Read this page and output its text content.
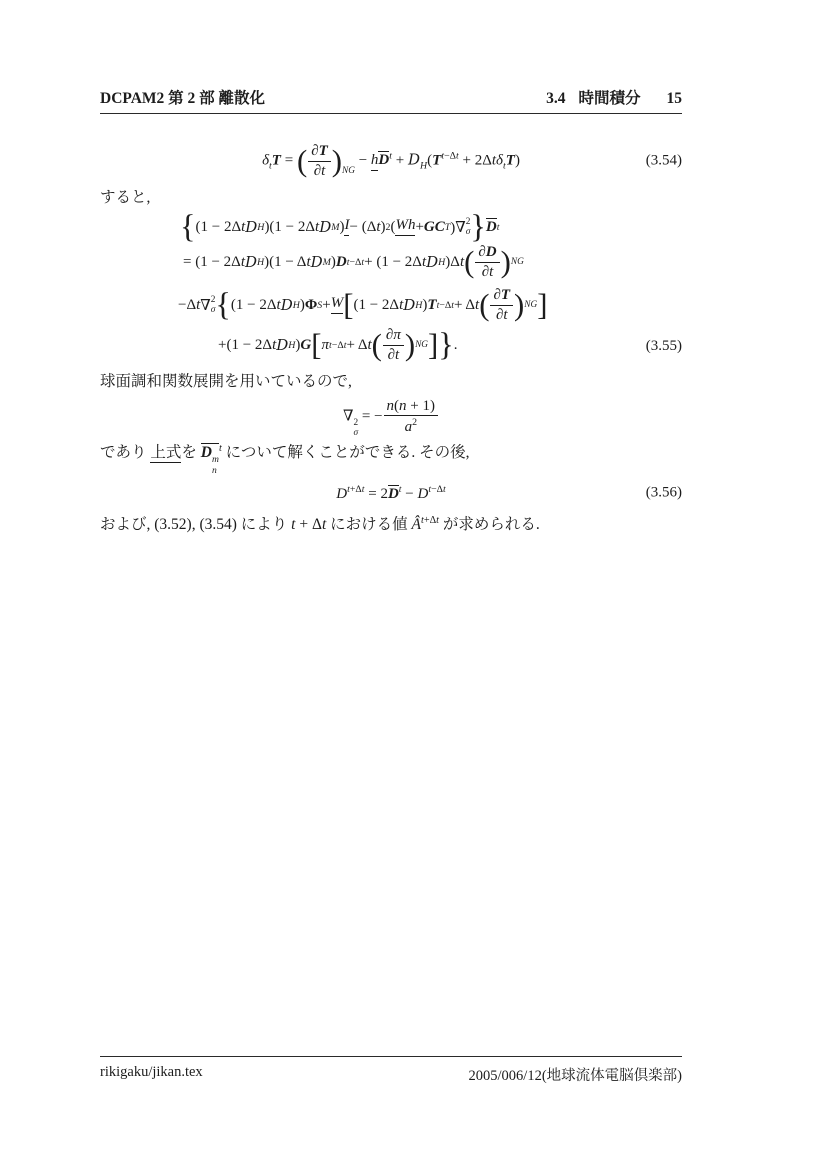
DCPAM2 第 2 部 離散化	3.4 時間積分 15
$\delta_tT$ = ( $\frac{\partial T}{\partial t} )_{NG} - hD^t + D_H(T^{t-\Delta t} + 2\Delta t\delta_tT)$	(3.54)

すると,

{ (1 − 2Δ t D H )(1 − 2Δ t D M ) I − (Δ t ) 2 ( W h + GC T )∇ 2
σ } D t
= (1 − 2Δ t D H )(1 − Δ t D M ) D t−Δt + (1 − 2Δ t D H )Δ t ( $\frac{\partial D}{\partial t}$ ) NG
−Δ t ∇ 2
σ { (1 − 2Δ t D H ) Φ S + W [ (1 − 2Δ t D H ) T t−Δt + Δ t ( $\frac{\partial T}{\partial t}$ ) NG ]
+(1 − 2Δ t D H ) G [ π t−Δt + Δ t ( $\frac{\partial\pi}{\partial t}$ ) NG ] } .	(3.55)

球面調和関数展開を用いているので,

∇ 2
σ
= − $\frac{n(n + 1)}{a^2}$

であり 上式を D m
n
$^t$ について解くことができる. その後,

$D^{t+\Delta t} = 2D^t - D^{t-\Delta t}$	(3.56)

および, (3.52), (3.54) により t + Δt における値 $Â^{t+\Delta t}$ が求められる.

rikigaku/jikan.tex	2005/006/12(地球流体電脳倶楽部)
